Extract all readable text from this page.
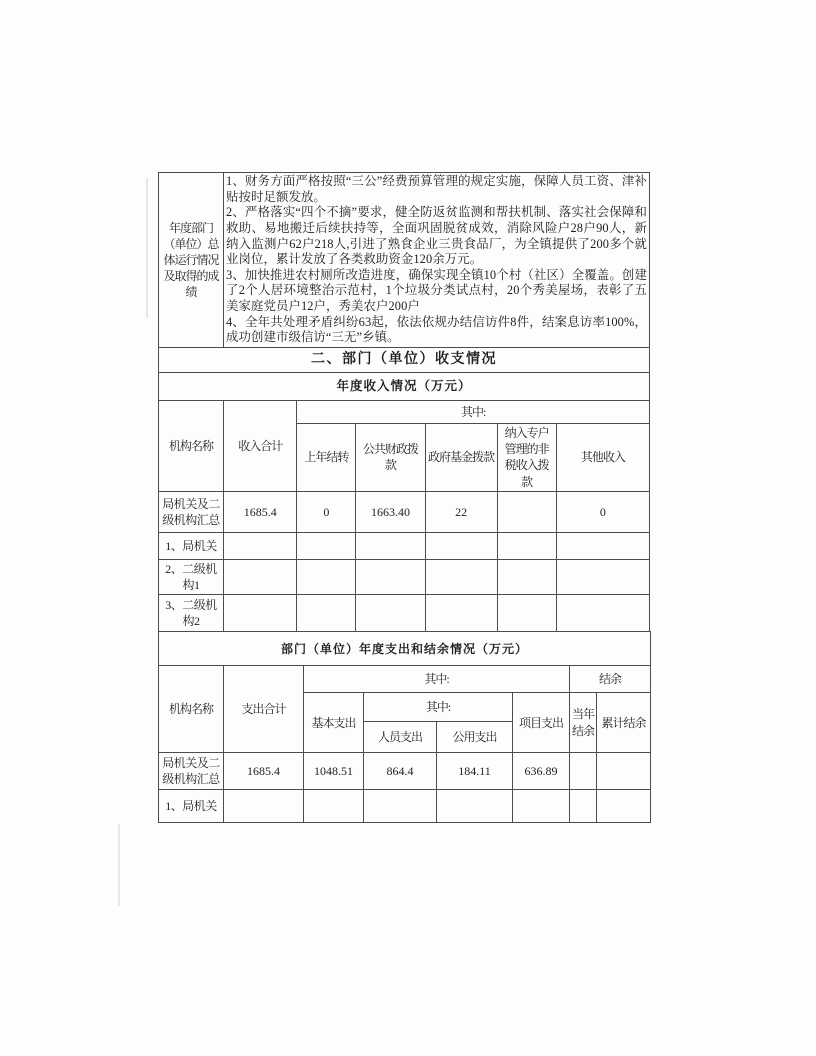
年度部门（单位）总体运行情况及取得的成绩	

1、财务方面严格按照“三公”经费预算管理的规定实施，保障人员工资、津补贴按时足额发放。

2、严格落实“四个不摘”要求，健全防返贫监测和帮扶机制、落实社会保障和救助、易地搬迁后续扶持等，全面巩固脱贫成效，消除风险户28户90人，新纳入监测户62户218人,引进了熟食企业三贵食品厂，为全镇提供了200多个就业岗位，累计发放了各类救助资金120余万元。

3、加快推进农村厕所改造进度，确保实现全镇10个村（社区）全覆盖。创建了2个人居环境整治示范村，1个垃圾分类试点村，20个秀美屋场，表彰了五美家庭党员户12户，秀美农户200户

4、全年共处理矛盾纠纷63起，依法依规办结信访件8件，结案息访率100%，成功创建市级信访“三无”乡镇。

二、部门（单位）收支情况
年度收入情况（万元）
机构名称	收入合计	其中:				
		上年结转	公共财政拨款	政府基金拨款	纳入专户管理的非税收入拨款	其他收入
局机关及二级机构汇总	1685.4	0	1663.40	22		0
1、局机关						
2、二级机构1						
3、二级机构2						
部门（单位）年度支出和结余情况（万元）							
机构名称	支出合计	其中:				结余	
		基本支出	其中:		项目支出	当年结余	累计结余
			人员支出	公用支出			
局机关及二级机构汇总	1685.4	1048.51	864.4	184.11	636.89		
1、局机关							
